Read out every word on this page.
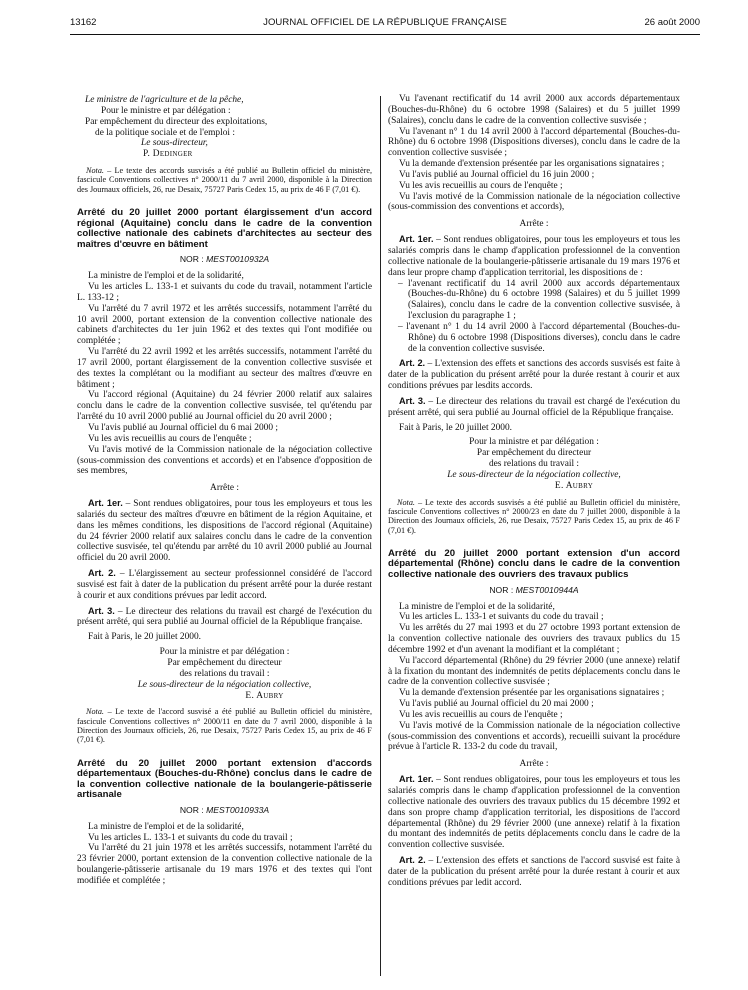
13162	JOURNAL OFFICIEL DE LA RÉPUBLIQUE FRANÇAISE	26 août 2000

Le ministre de l'agriculture et de la pêche,

Pour le ministre et par délégation :

Par empêchement du directeur des exploitations,

de la politique sociale et de l'emploi :

Le sous-directeur,

P. Dedinger

Nota. – Le texte des accords susvisés a été publié au Bulletin officiel du ministère, fascicule Conventions collectives n° 2000/11 du 7 avril 2000, disponible à la Direction des Journaux officiels, 26, rue Desaix, 75727 Paris Cedex 15, au prix de 46 F (7,01 €).

Arrêté du 20 juillet 2000 portant élargissement d'un accord régional (Aquitaine) conclu dans le cadre de la convention collective nationale des cabinets d'architectes au secteur des maîtres d'œuvre en bâtiment

NOR : MEST0010932A

La ministre de l'emploi et de la solidarité,

Vu les articles L. 133-1 et suivants du code du travail, notamment l'article L. 133-12 ;

Vu l'arrêté du 7 avril 1972 et les arrêtés successifs, notamment l'arrêté du 10 avril 2000, portant extension de la convention collective nationale des cabinets d'architectes du 1er juin 1962 et des textes qui l'ont modifiée ou complétée ;

Vu l'arrêté du 22 avril 1992 et les arrêtés successifs, notamment l'arrêté du 17 avril 2000, portant élargissement de la convention collective susvisée et des textes la complétant ou la modifiant au secteur des maîtres d'œuvre en bâtiment ;

Vu l'accord régional (Aquitaine) du 24 février 2000 relatif aux salaires conclu dans le cadre de la convention collective susvisée, tel qu'étendu par l'arrêté du 10 avril 2000 publié au Journal officiel du 20 avril 2000 ;

Vu l'avis publié au Journal officiel du 6 mai 2000 ;

Vu les avis recueillis au cours de l'enquête ;

Vu l'avis motivé de la Commission nationale de la négociation collective (sous-commission des conventions et accords) et en l'absence d'opposition de ses membres,

Arrête :

Art. 1er. – Sont rendues obligatoires, pour tous les employeurs et tous les salariés du secteur des maîtres d'œuvre en bâtiment de la région Aquitaine, et dans les mêmes conditions, les dispositions de l'accord régional (Aquitaine) du 24 février 2000 relatif aux salaires conclu dans le cadre de la convention collective susvisée, tel qu'étendu par arrêté du 10 avril 2000 publié au Journal officiel du 20 avril 2000.

Art. 2. – L'élargissement au secteur professionnel considéré de l'accord susvisé est fait à dater de la publication du présent arrêté pour la durée restant à courir et aux conditions prévues par ledit accord.

Art. 3. – Le directeur des relations du travail est chargé de l'exécution du présent arrêté, qui sera publié au Journal officiel de la République française.

Fait à Paris, le 20 juillet 2000.

Pour la ministre et par délégation :

Par empêchement du directeur

des relations du travail :

Le sous-directeur de la négociation collective,

E. Aubry

Nota. – Le texte de l'accord susvisé a été publié au Bulletin officiel du ministère, fascicule Conventions collectives n° 2000/11 en date du 7 avril 2000, disponible à la Direction des Journaux officiels, 26, rue Desaix, 75727 Paris Cedex 15, au prix de 46 F (7,01 €).

Arrêté du 20 juillet 2000 portant extension d'accords départementaux (Bouches-du-Rhône) conclus dans le cadre de la convention collective nationale de la boulangerie-pâtisserie artisanale

NOR : MEST0010933A

La ministre de l'emploi et de la solidarité,

Vu les articles L. 133-1 et suivants du code du travail ;

Vu l'arrêté du 21 juin 1978 et les arrêtés successifs, notamment l'arrêté du 23 février 2000, portant extension de la convention collective nationale de la boulangerie-pâtisserie artisanale du 19 mars 1976 et des textes qui l'ont modifiée et complétée ;

Vu l'avenant rectificatif du 14 avril 2000 aux accords départementaux (Bouches-du-Rhône) du 6 octobre 1998 (Salaires) et du 5 juillet 1999 (Salaires), conclu dans le cadre de la convention collective susvisée ;

Vu l'avenant n° 1 du 14 avril 2000 à l'accord départemental (Bouches-du-Rhône) du 6 octobre 1998 (Dispositions diverses), conclu dans le cadre de la convention collective susvisée ;

Vu la demande d'extension présentée par les organisations signataires ;

Vu l'avis publié au Journal officiel du 16 juin 2000 ;

Vu les avis recueillis au cours de l'enquête ;

Vu l'avis motivé de la Commission nationale de la négociation collective (sous-commission des conventions et accords),

Arrête :

Art. 1er. – Sont rendues obligatoires, pour tous les employeurs et tous les salariés compris dans le champ d'application professionnel de la convention collective nationale de la boulangerie-pâtisserie artisanale du 19 mars 1976 et dans leur propre champ d'application territorial, les dispositions de :

– l'avenant rectificatif du 14 avril 2000 aux accords départementaux (Bouches-du-Rhône) du 6 octobre 1998 (Salaires) et du 5 juillet 1999 (Salaires), conclu dans le cadre de la convention collective susvisée, à l'exclusion du paragraphe 1 ;

– l'avenant n° 1 du 14 avril 2000 à l'accord départemental (Bouches-du-Rhône) du 6 octobre 1998 (Dispositions diverses), conclu dans le cadre de la convention collective susvisée.

Art. 2. – L'extension des effets et sanctions des accords susvisés est faite à dater de la publication du présent arrêté pour la durée restant à courir et aux conditions prévues par lesdits accords.

Art. 3. – Le directeur des relations du travail est chargé de l'exécution du présent arrêté, qui sera publié au Journal officiel de la République française.

Fait à Paris, le 20 juillet 2000.

Pour la ministre et par délégation :

Par empêchement du directeur

des relations du travail :

Le sous-directeur de la négociation collective,

E. Aubry

Nota. – Le texte des accords susvisés a été publié au Bulletin officiel du ministère, fascicule Conventions collectives n° 2000/23 en date du 7 juillet 2000, disponible à la Direction des Journaux officiels, 26, rue Desaix, 75727 Paris Cedex 15, au prix de 46 F (7,01 €).

Arrêté du 20 juillet 2000 portant extension d'un accord départemental (Rhône) conclu dans le cadre de la convention collective nationale des ouvriers des travaux publics

NOR : MEST0010944A

La ministre de l'emploi et de la solidarité,

Vu les articles L. 133-1 et suivants du code du travail ;

Vu les arrêtés du 27 mai 1993 et du 27 octobre 1993 portant extension de la convention collective nationale des ouvriers des travaux publics du 15 décembre 1992 et d'un avenant la modifiant et la complétant ;

Vu l'accord départemental (Rhône) du 29 février 2000 (une annexe) relatif à la fixation du montant des indemnités de petits déplacements conclu dans le cadre de la convention collective susvisée ;

Vu la demande d'extension présentée par les organisations signataires ;

Vu l'avis publié au Journal officiel du 20 mai 2000 ;

Vu les avis recueillis au cours de l'enquête ;

Vu l'avis motivé de la Commission nationale de la négociation collective (sous-commission des conventions et accords), recueilli suivant la procédure prévue à l'article R. 133-2 du code du travail,

Arrête :

Art. 1er. – Sont rendues obligatoires, pour tous les employeurs et tous les salariés compris dans le champ d'application professionnel de la convention collective nationale des ouvriers des travaux publics du 15 décembre 1992 et dans son propre champ d'application territorial, les dispositions de l'accord départemental (Rhône) du 29 février 2000 (une annexe) relatif à la fixation du montant des indemnités de petits déplacements conclu dans le cadre de la convention collective susvisée.

Art. 2. – L'extension des effets et sanctions de l'accord susvisé est faite à dater de la publication du présent arrêté pour la durée restant à courir et aux conditions prévues par ledit accord.
